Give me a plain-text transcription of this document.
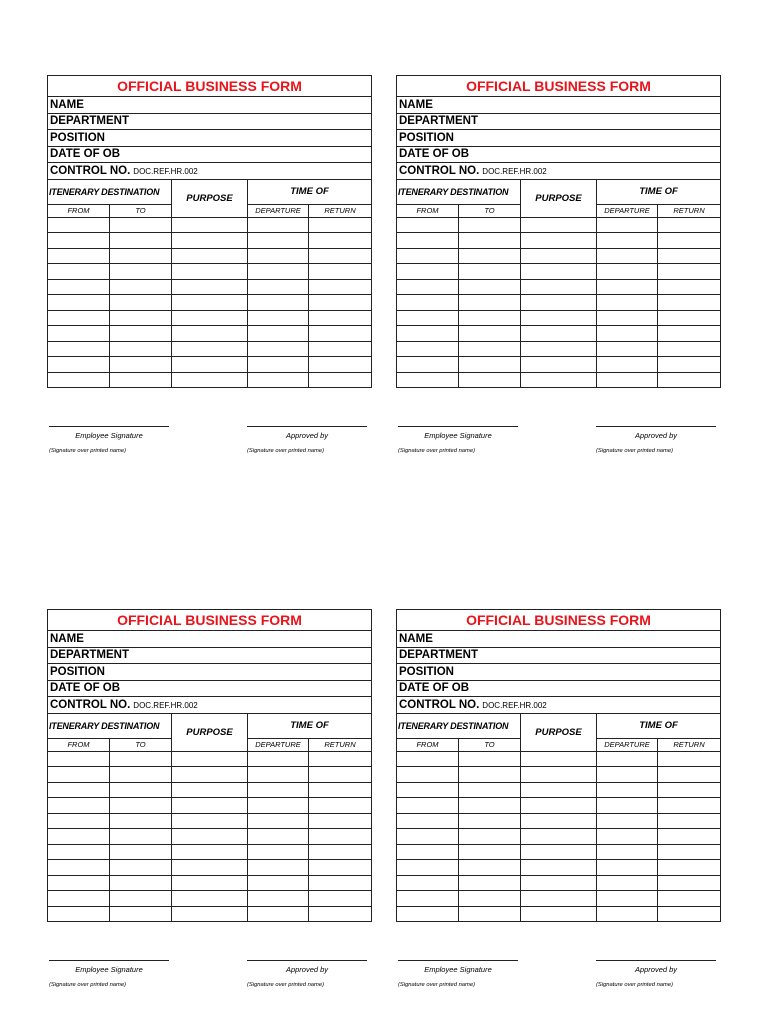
OFFICIAL BUSINESS FORM				
NAME				
DEPARTMENT				
POSITION				
DATE OF OB				
CONTROL NO. DOC.REF.HR.002				
ITENERARY DESTINATION		PURPOSE	TIME OF	
FROM	TO		DEPARTURE	RETURN

Employee Signature
(Signature over printed name)
Approved by
(Signature over printed name)
OFFICIAL BUSINESS FORM				
NAME				
DEPARTMENT				
POSITION				
DATE OF OB				
CONTROL NO. DOC.REF.HR.002				
ITENERARY DESTINATION		PURPOSE	TIME OF	
FROM	TO		DEPARTURE	RETURN

Employee Signature
(Signature over printed name)
Approved by
(Signature over printed name)
OFFICIAL BUSINESS FORM				
NAME				
DEPARTMENT				
POSITION				
DATE OF OB				
CONTROL NO. DOC.REF.HR.002				
ITENERARY DESTINATION		PURPOSE	TIME OF	
FROM	TO		DEPARTURE	RETURN

Employee Signature
(Signature over printed name)
Approved by
(Signature over printed name)
OFFICIAL BUSINESS FORM				
NAME				
DEPARTMENT				
POSITION				
DATE OF OB				
CONTROL NO. DOC.REF.HR.002				
ITENERARY DESTINATION		PURPOSE	TIME OF	
FROM	TO		DEPARTURE	RETURN

Employee Signature
(Signature over printed name)
Approved by
(Signature over printed name)
